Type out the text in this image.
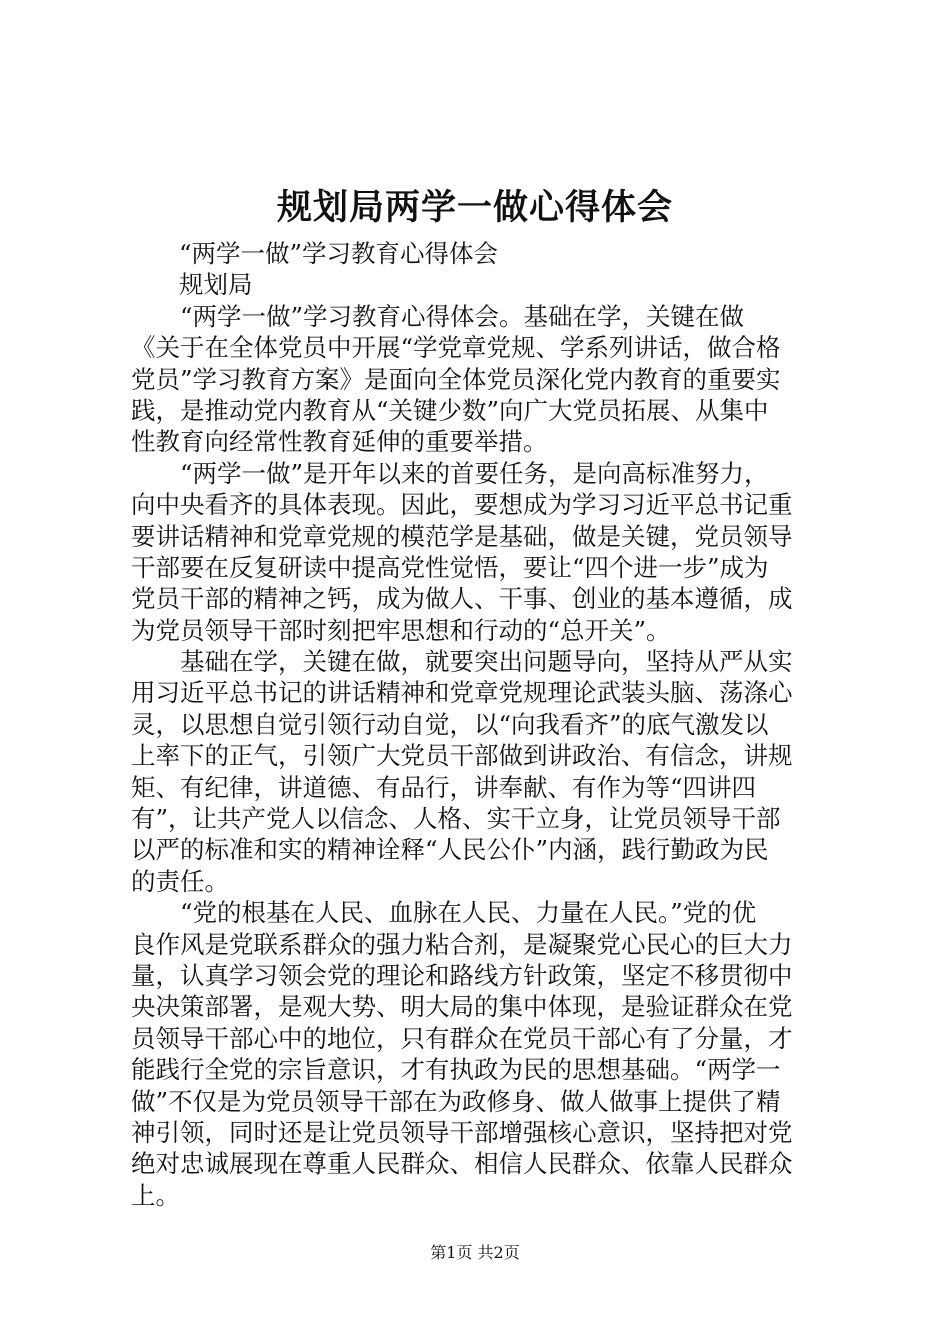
规划局两学一做心得体会
“两学一做”学习教育心得体会
规划局
“两学一做”学习教育心得体会。基础在学，关键在做
《关于在全体党员中开展“学党章党规、学系列讲话，做合格
党员”学习教育方案》是面向全体党员深化党内教育的重要实
践，是推动党内教育从“关键少数”向广大党员拓展、从集中
性教育向经常性教育延伸的重要举措。
“两学一做”是开年以来的首要任务，是向高标准努力，
向中央看齐的具体表现。因此，要想成为学习习近平总书记重
要讲话精神和党章党规的模范学是基础，做是关键，党员领导
干部要在反复研读中提高党性觉悟，要让“四个进一步”成为
党员干部的精神之钙，成为做人、干事、创业的基本遵循，成
为党员领导干部时刻把牢思想和行动的“总开关”。
基础在学，关键在做，就要突出问题导向，坚持从严从实
用习近平总书记的讲话精神和党章党规理论武装头脑、荡涤心
灵，以思想自觉引领行动自觉，以“向我看齐”的底气激发以
上率下的正气，引领广大党员干部做到讲政治、有信念，讲规
矩、有纪律，讲道德、有品行，讲奉献、有作为等“四讲四
有”，让共产党人以信念、人格、实干立身，让党员领导干部
以严的标准和实的精神诠释“人民公仆”内涵，践行勤政为民
的责任。
“党的根基在人民、血脉在人民、力量在人民。”党的优
良作风是党联系群众的强力粘合剂，是凝聚党心民心的巨大力
量，认真学习领会党的理论和路线方针政策，坚定不移贯彻中
央决策部署，是观大势、明大局的集中体现，是验证群众在党
员领导干部心中的地位，只有群众在党员干部心有了分量，才
能践行全党的宗旨意识，才有执政为民的思想基础。“两学一
做”不仅是为党员领导干部在为政修身、做人做事上提供了精
神引领，同时还是让党员领导干部增强核心意识，坚持把对党
绝对忠诚展现在尊重人民群众、相信人民群众、依靠人民群众
上。
第1页 共2页
